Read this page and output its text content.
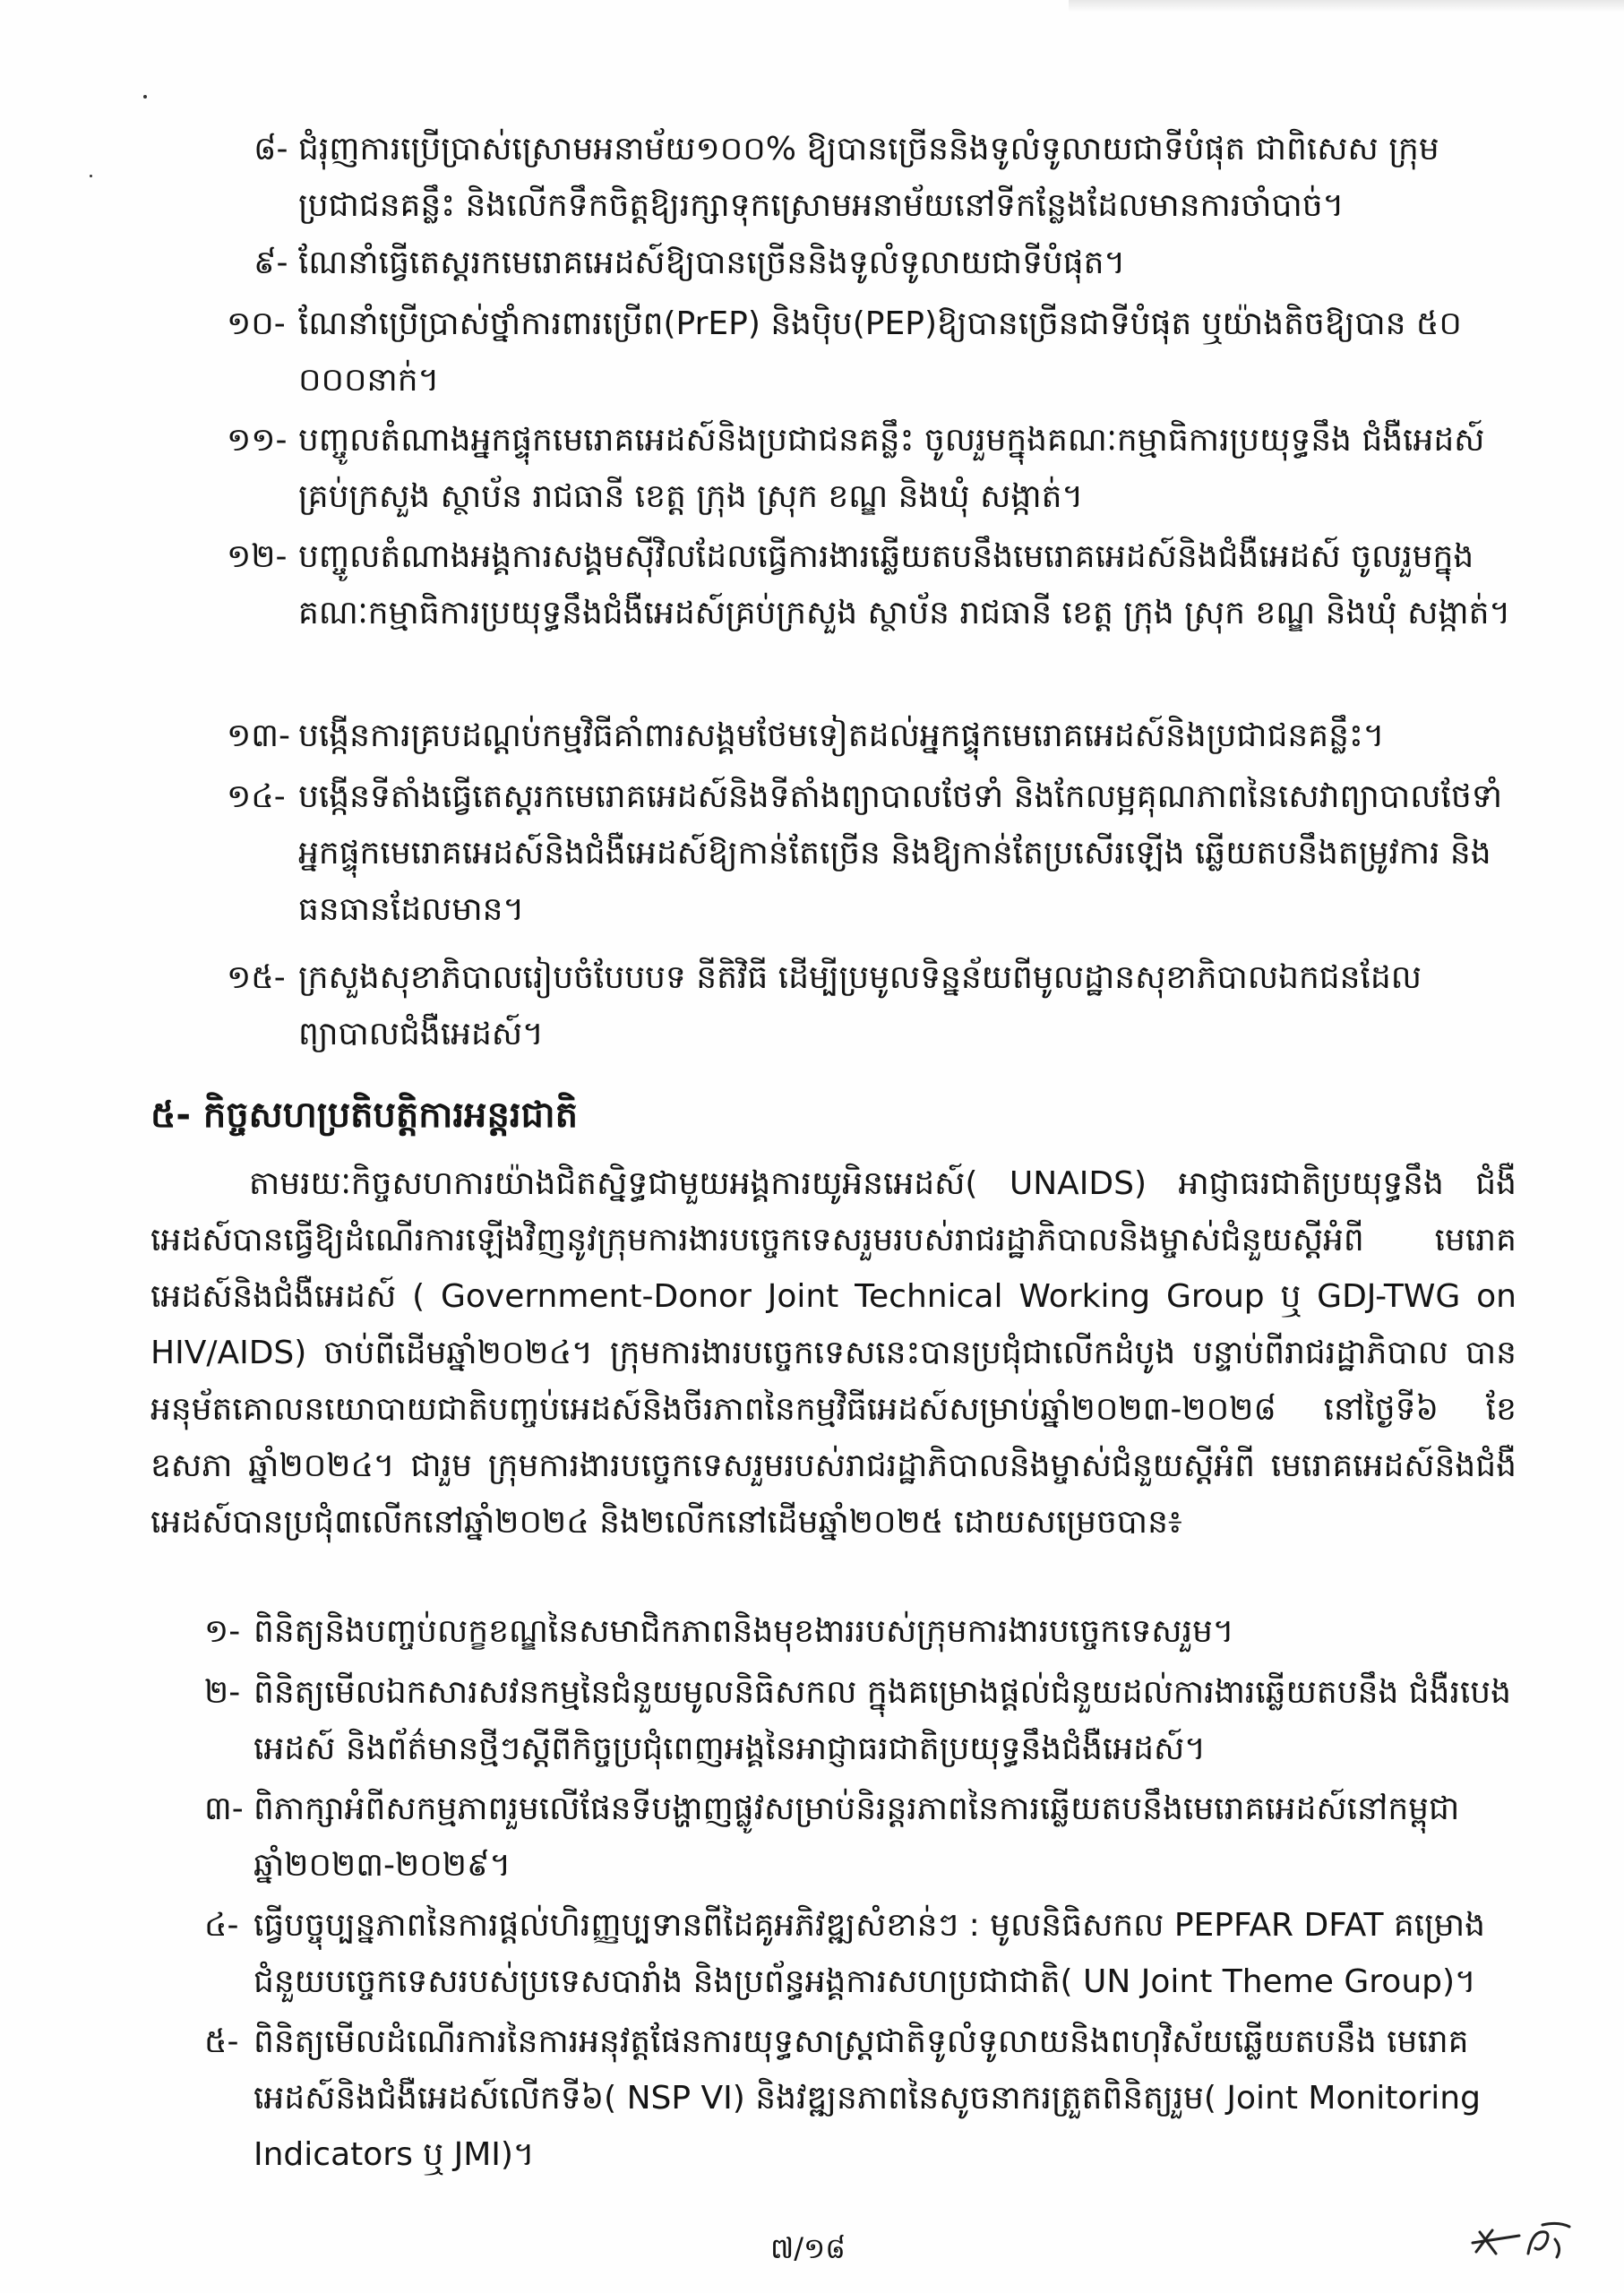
៨- ជំរុញការប្រើប្រាស់ស្រោមអនាម័យ១០០% ឱ្យបានច្រើននិងទូលំទូលាយជាទីបំផុត ជាពិសេស ក្រុមប្រជាជនគន្លឹះ និងលើកទឹកចិត្តឱ្យរក្សាទុកស្រោមអនាម័យនៅទីកន្លែងដែលមានការចាំបាច់។
៩- ណែនាំធ្វើតេស្តរកមេរោគអេដស៍ឱ្យបានច្រើននិងទូលំទូលាយជាទីបំផុត។
១០- ណែនាំប្រើប្រាស់ថ្នាំការពារប្រើព(PrEP) និងប៉ិប(PEP)ឱ្យបានច្រើនជាទីបំផុត ឬយ៉ាងតិចឱ្យបាន ៥០ ០០០នាក់។
១១- បញ្ចូលតំណាងអ្នកផ្ទុកមេរោគអេដស៍និងប្រជាជនគន្លឹះ ចូលរួមក្នុងគណៈកម្មាធិការប្រយុទ្ធនឹង ជំងឺអេដស៍គ្រប់ក្រសួង ស្ថាប័ន រាជធានី ខេត្ត ក្រុង ស្រុក ខណ្ឌ និងឃុំ សង្កាត់។
១២- បញ្ចូលតំណាងអង្គការសង្គមស៊ីវិលដែលធ្វើការងារឆ្លើយតបនឹងមេរោគអេដស៍និងជំងឺអេដស៍ ចូលរួមក្នុងគណៈកម្មាធិការប្រយុទ្ធនឹងជំងឺអេដស៍គ្រប់ក្រសួង ស្ថាប័ន រាជធានី ខេត្ត ក្រុង ស្រុក ខណ្ឌ និងឃុំ សង្កាត់។
១៣- បង្កើនការគ្របដណ្តប់កម្មវិធីគាំពារសង្គមថែមទៀតដល់អ្នកផ្ទុកមេរោគអេដស៍និងប្រជាជនគន្លឹះ។
១៤- បង្កើនទីតាំងធ្វើតេស្តរកមេរោគអេដស៍និងទីតាំងព្យាបាលថែទាំ និងកែលម្អគុណភាពនៃសេវាព្យាបាលថែទាំអ្នកផ្ទុកមេរោគអេដស៍និងជំងឺអេដស៍ឱ្យកាន់តែច្រើន និងឱ្យកាន់តែប្រសើរឡើង ឆ្លើយតបនឹងតម្រូវការ និងធនធានដែលមាន។
១៥- ក្រសួងសុខាភិបាលរៀបចំបែបបទ នីតិវិធី ដើម្បីប្រមូលទិន្នន័យពីមូលដ្ឋានសុខាភិបាលឯកជនដែល ព្យាបាលជំងឺអេដស៍។
៥- កិច្ចសហប្រតិបត្តិការអន្តរជាតិ
តាមរយៈកិច្ចសហការយ៉ាងជិតស្និទ្ធជាមួយអង្គការយូអិនអេដស៍( UNAIDS) អាជ្ញាធរជាតិប្រយុទ្ធនឹង ជំងឺអេដស៍បានធ្វើឱ្យដំណើរការឡើងវិញនូវក្រុមការងារបច្ចេកទេសរួមរបស់រាជរដ្ឋាភិបាលនិងម្ចាស់ជំនួយស្តីអំពី មេរោគអេដស៍និងជំងឺអេដស៍ ( Government-Donor Joint Technical Working Group ឬ GDJ-TWG on HIV/AIDS) ចាប់ពីដើមឆ្នាំ២០២៤។ ក្រុមការងារបច្ចេកទេសនេះបានប្រជុំជាលើកដំបូង បន្ទាប់ពីរាជរដ្ឋាភិបាល បានអនុម័តគោលនយោបាយជាតិបញ្ចប់អេដស៍និងចីរភាពនៃកម្មវិធីអេដស៍សម្រាប់ឆ្នាំ២០២៣-២០២៨ នៅថ្ងៃទី៦ ខែឧសភា ឆ្នាំ២០២៤។ ជារួម ក្រុមការងារបច្ចេកទេសរួមរបស់រាជរដ្ឋាភិបាលនិងម្ចាស់ជំនួយស្តីអំពី មេរោគអេដស៍និងជំងឺអេដស៍បានប្រជុំ៣លើកនៅឆ្នាំ២០២៤ និង២លើកនៅដើមឆ្នាំ២០២៥ ដោយសម្រេចបាន៖
១- ពិនិត្យនិងបញ្ចប់លក្ខខណ្ឌនៃសមាជិកភាពនិងមុខងាររបស់ក្រុមការងារបច្ចេកទេសរួម។
២- ពិនិត្យមើលឯកសារសវនកម្មនៃជំនួយមូលនិធិសកល ក្នុងគម្រោងផ្តល់ជំនួយដល់ការងារឆ្លើយតបនឹង ជំងឺរបេង អេដស៍ និងព័ត៌មានថ្មីៗស្តីពីកិច្ចប្រជុំពេញអង្គនៃអាជ្ញាធរជាតិប្រយុទ្ធនឹងជំងឺអេដស៍។
៣- ពិភាក្សាអំពីសកម្មភាពរួមលើផែនទីបង្ហាញផ្លូវសម្រាប់និរន្តរភាពនៃការឆ្លើយតបនឹងមេរោគអេដស៍នៅកម្ពុជា ឆ្នាំ២០២៣-២០២៩។
៤- ធ្វើបច្ចុប្បន្នភាពនៃការផ្តល់ហិរញ្ញប្បទានពីដៃគូអភិវឌ្ឍសំខាន់ៗ : មូលនិធិសកល PEPFAR DFAT គម្រោងជំនួយបច្ចេកទេសរបស់ប្រទេសបារាំង និងប្រព័ន្ធអង្គការសហប្រជាជាតិ( UN Joint Theme Group)។
៥- ពិនិត្យមើលដំណើរការនៃការអនុវត្តផែនការយុទ្ធសាស្ត្រជាតិទូលំទូលាយនិងពហុវិស័យឆ្លើយតបនឹង មេរោគអេដស៍និងជំងឺអេដស៍លើកទី៦( NSP VI) និងវឌ្ឍនភាពនៃសូចនាករត្រួតពិនិត្យរួម( Joint Monitoring Indicators ឬ JMI)។
៧/១៨
